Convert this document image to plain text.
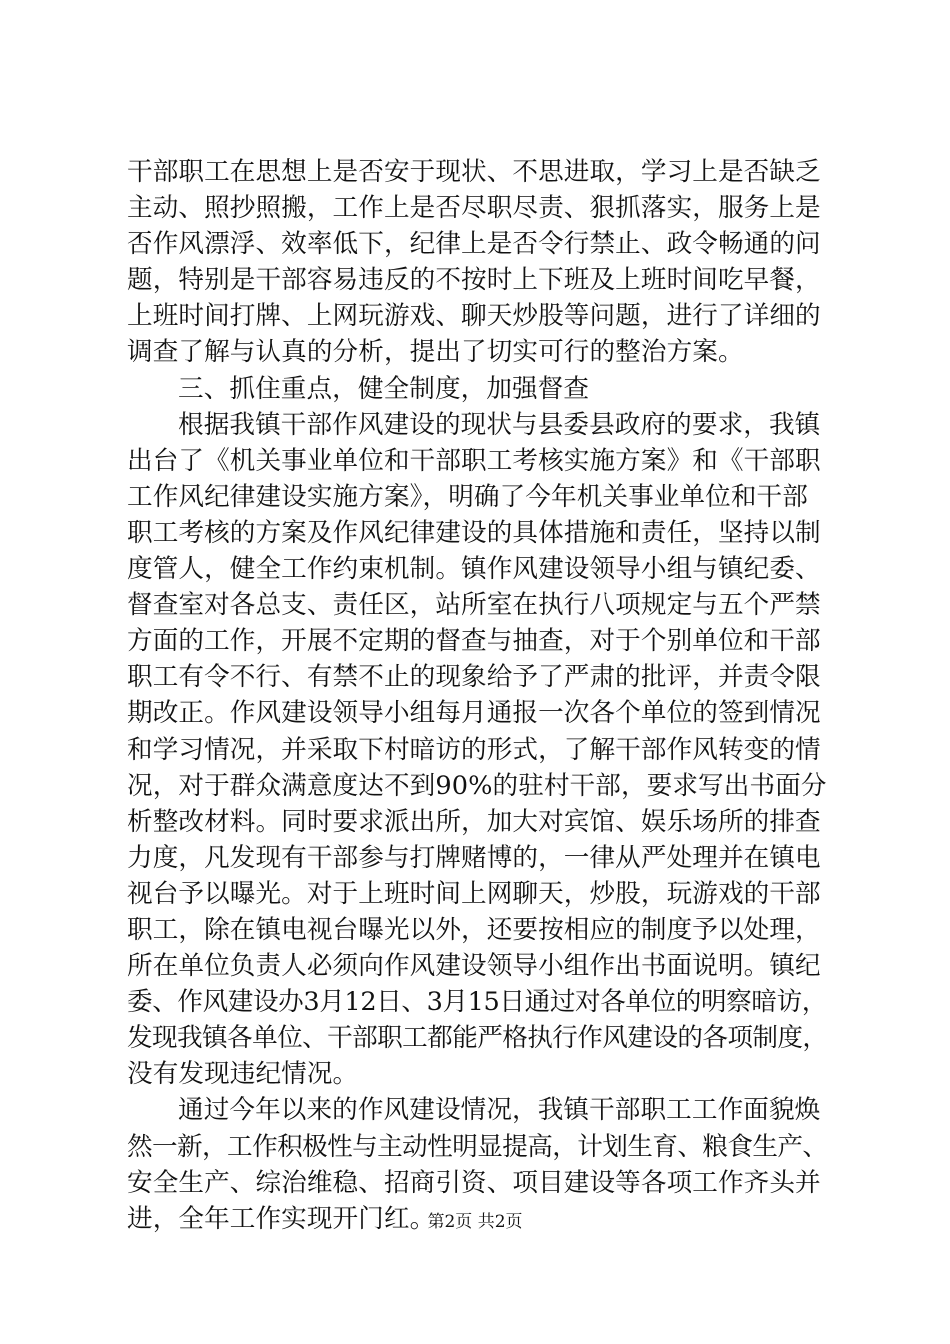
干部职工在思想上是否安于现状、不思进取，学习上是否缺乏
主动、照抄照搬，工作上是否尽职尽责、狠抓落实，服务上是
否作风漂浮、效率低下，纪律上是否令行禁止、政令畅通的问
题，特别是干部容易违反的不按时上下班及上班时间吃早餐，
上班时间打牌、上网玩游戏、聊天炒股等问题，进行了详细的
调查了解与认真的分析，提出了切实可行的整治方案。
三、抓住重点，健全制度，加强督查
根据我镇干部作风建设的现状与县委县政府的要求，我镇
出台了《机关事业单位和干部职工考核实施方案》和《干部职
工作风纪律建设实施方案》，明确了今年机关事业单位和干部
职工考核的方案及作风纪律建设的具体措施和责任，坚持以制
度管人，健全工作约束机制。镇作风建设领导小组与镇纪委、
督查室对各总支、责任区，站所室在执行八项规定与五个严禁
方面的工作，开展不定期的督查与抽查，对于个别单位和干部
职工有令不行、有禁不止的现象给予了严肃的批评，并责令限
期改正。作风建设领导小组每月通报一次各个单位的签到情况
和学习情况，并采取下村暗访的形式，了解干部作风转变的情
况，对于群众满意度达不到90%的驻村干部，要求写出书面分
析整改材料。同时要求派出所，加大对宾馆、娱乐场所的排查
力度，凡发现有干部参与打牌赌博的，一律从严处理并在镇电
视台予以曝光。对于上班时间上网聊天，炒股，玩游戏的干部
职工，除在镇电视台曝光以外，还要按相应的制度予以处理，
所在单位负责人必须向作风建设领导小组作出书面说明。镇纪
委、作风建设办3月12日、3月15日通过对各单位的明察暗访，
发现我镇各单位、干部职工都能严格执行作风建设的各项制度，
没有发现违纪情况。
通过今年以来的作风建设情况，我镇干部职工工作面貌焕
然一新，工作积极性与主动性明显提高，计划生育、粮食生产、
安全生产、综治维稳、招商引资、项目建设等各项工作齐头并
进，全年工作实现开门红。
第2页 共2页
